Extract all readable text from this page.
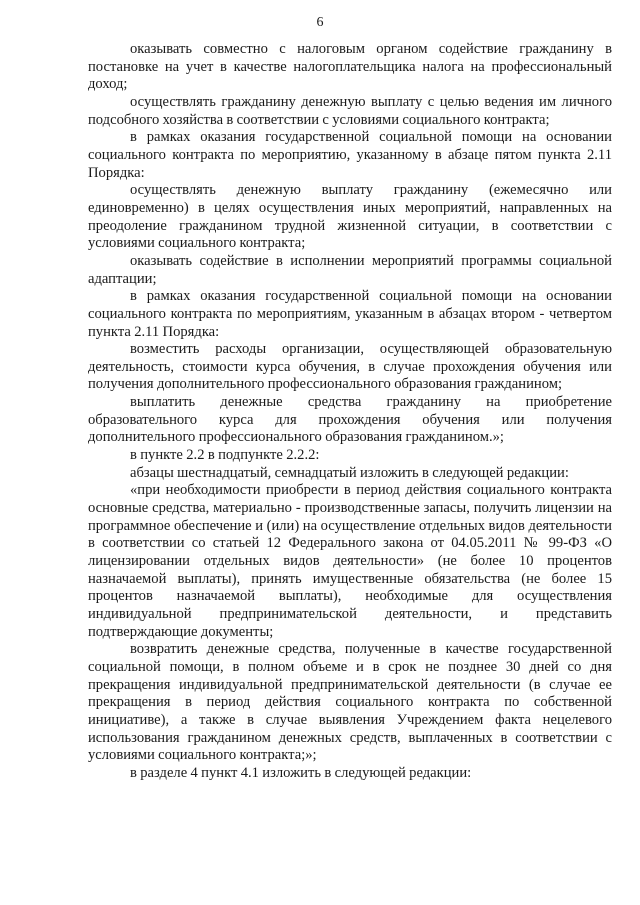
6

оказывать совместно с налоговым органом содействие гражданину в постановке на учет в качестве налогоплательщика налога на профессиональный доход;

осуществлять гражданину денежную выплату с целью ведения им личного подсобного хозяйства в соответствии с условиями социального контракта;

в рамках оказания государственной социальной помощи на основании социального контракта по мероприятию, указанному в абзаце пятом пункта 2.11 Порядка:

осуществлять денежную выплату гражданину (ежемесячно или единовременно) в целях осуществления иных мероприятий, направленных на преодоление гражданином трудной жизненной ситуации, в соответствии с условиями социального контракта;

оказывать содействие в исполнении мероприятий программы социальной адаптации;

в рамках оказания государственной социальной помощи на основании социального контракта по мероприятиям, указанным в абзацах втором - четвертом пункта 2.11 Порядка:

возместить расходы организации, осуществляющей образовательную деятельность, стоимости курса обучения, в случае прохождения обучения или получения дополнительного профессионального образования гражданином;

выплатить денежные средства гражданину на приобретение образовательного курса для прохождения обучения или получения дополнительного профессионального образования гражданином.»;

в пункте 2.2 в подпункте 2.2.2:

абзацы шестнадцатый, семнадцатый изложить в следующей редакции:

«при необходимости приобрести в период действия социального контракта основные средства, материально - производственные запасы, получить лицензии на программное обеспечение и (или) на осуществление отдельных видов деятельности в соответствии со статьей 12 Федерального закона от 04.05.2011 № 99-ФЗ «О лицензировании отдельных видов деятельности» (не более 10 процентов назначаемой выплаты), принять имущественные обязательства (не более 15 процентов назначаемой выплаты), необходимые для осуществления индивидуальной предпринимательской деятельности, и представить подтверждающие документы;

возвратить денежные средства, полученные в качестве государственной социальной помощи, в полном объеме и в срок не позднее 30 дней со дня прекращения индивидуальной предпринимательской деятельности (в случае ее прекращения в период действия социального контракта по собственной инициативе), а также в случае выявления Учреждением факта нецелевого использования гражданином денежных средств, выплаченных в соответствии с условиями социального контракта;»;

в разделе 4 пункт 4.1 изложить в следующей редакции:
